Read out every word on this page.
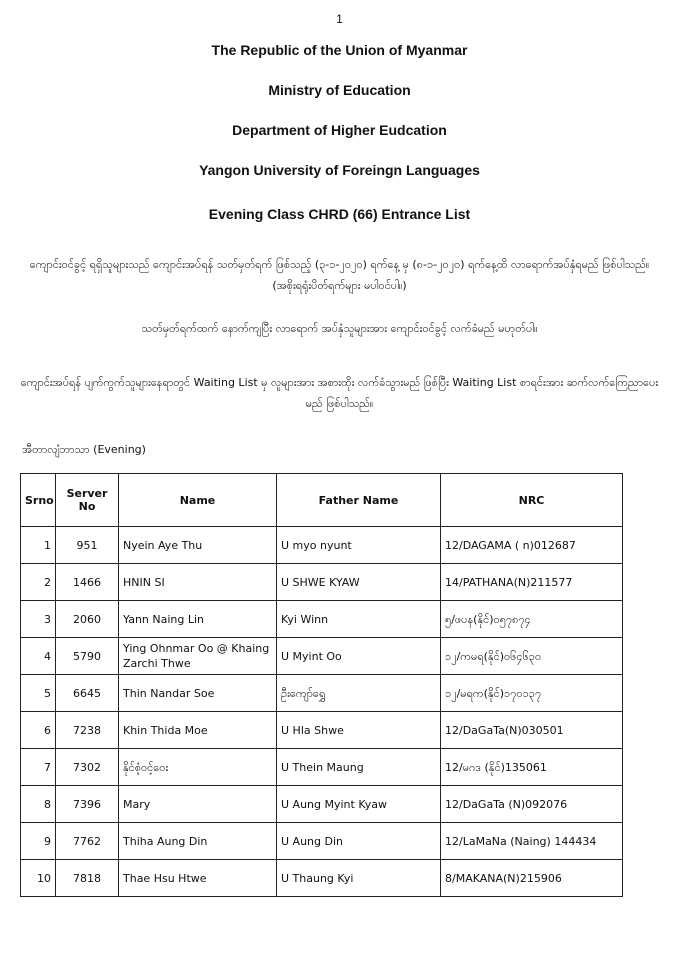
1
The Republic of the Union of Myanmar
Ministry of Education
Department of Higher Eudcation
Yangon University of Foreingn Languages
Evening Class CHRD (66) Entrance List
ကျောင်းဝင်ခွင့် ရရှိသူများသည် ကျောင်းအပ်ရန် သတ်မှတ်ရက် ဖြစ်သည့် (၃-၁-၂၀၂၀) ရက်နေ့ မှ (၈-၁-၂၀၂၀) ရက်နေ့ထိ လာရောက်အပ်နှံရမည် ဖြစ်ပါသည်။ (အစိုးရရုံးပိတ်ရက်များ မပါဝင်ပါ။)
သတ်မှတ်ရက်ထက် နောက်ကျပြီး လာရောက် အပ်နှံသူများအား ကျောင်းဝင်ခွင့် လက်ခံမည် မဟုတ်ပါ။
ကျောင်းအပ်ရန် ပျက်ကွက်သူများနေရာတွင် Waiting List မှ လူများအား အစားထိုး လက်ခံသွားမည် ဖြစ်ပြီး Waiting List စာရင်းအား ဆက်လက်ကြေညာပေးမည် ဖြစ်ပါသည်။
အီတာလျံဘာသာ (Evening)
Srno	Server No	Name	Father Name	NRC
1	951	Nyein Aye Thu	U myo nyunt	12/DAGAMA ( n)012687
2	1466	HNIN SI	U SHWE KYAW	14/PATHANA(N)211577
3	2060	Yann Naing Lin	Kyi Winn	၅/ဖပန(နိုင်)၀၅၇၈၇၄
4	5790	Ying Ohnmar Oo @ Khaing Zarchi Thwe	U Myint Oo	၁၂/ကမရ(နိုင်)၀၆၄၆၃၀
5	6645	Thin Nandar Soe	ဦးကျော်ရွှေ	၁၂/မရက(နိုင်)၁၇၀၁၃၇
6	7238	Khin Thida Moe	U Hla Shwe	12/DaGaTa(N)030501
7	7302	နိုင်စံ့ဝင့်ဝေး	U Thein Maung	12/မဂဒ (နိုင်)135061
8	7396	Mary	U Aung Myint Kyaw	12/DaGaTa (N)092076
9	7762	Thiha Aung Din	U Aung Din	12/LaMaNa (Naing) 144434
10	7818	Thae Hsu Htwe	U Thaung Kyi	8/MAKANA(N)215906
